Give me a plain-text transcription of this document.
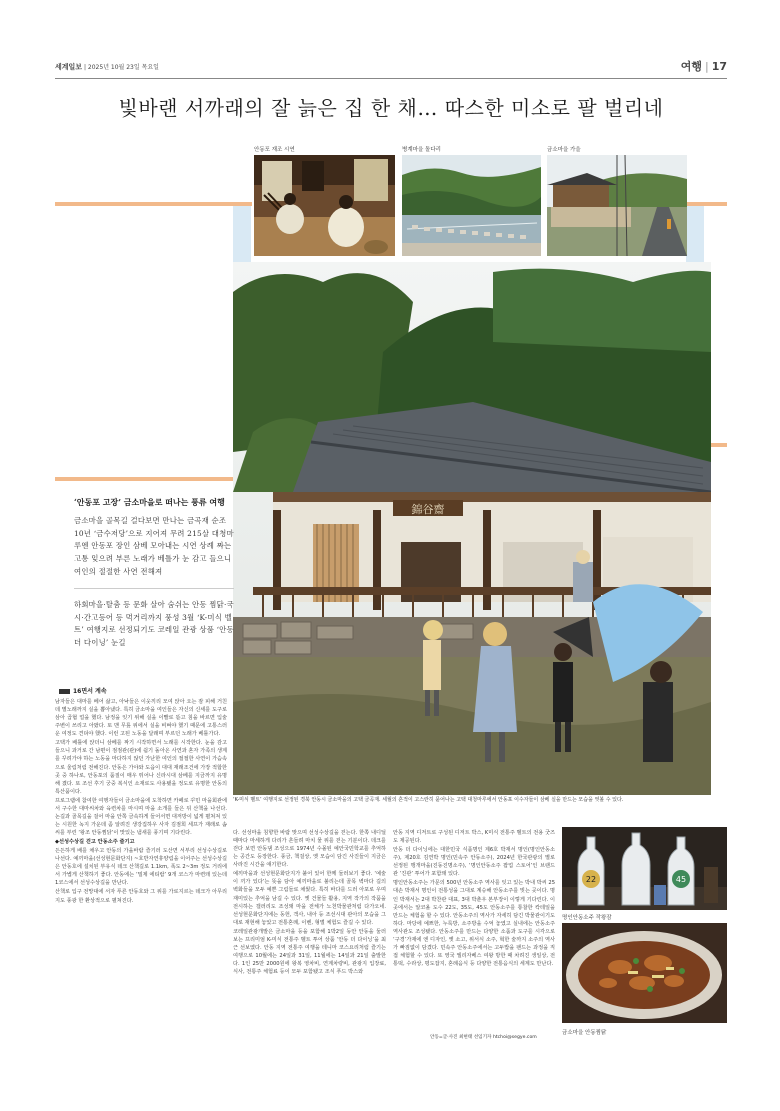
세계일보 | 2025년 10월 23일 목요일	여행 | 17
빛바랜 서까래의 잘 늙은 집 한 채… 따스한 미소로 팔 벌리네
안동포 재조 시연	병계마을 돌다리	금소마을 가을
錦谷齋
‘K-미식 벨트’ 여행지로 선정된 경북 안동시 금소마을의 고택 금곡재. 세월의 흔적이 고스란히 묻어나는 고택 대청마루에서 안동포 이수자들이 삼베 실을 만드는 모습을 엿볼 수 있다.
‘안동포 고장’ 금소마을로 떠나는 풍류 여행
금소마을 골목길 걸다보면 만나는 금곡재 순조 10년 ‘금수저당’으로 지어져 무려 215살 대청마루엔 안동포 장인 삼베 모아내는 시연 상례 짜는 고통 잊으려 부른 노래가 베틀가 눈 감고 들으니 여인의 절절한 사연 전해져
하회마을·탈춤 등 문화 살아 숨쉬는 안동 찜닭·국시·간고등어 등 먹거리까지 풍성 3월 ‘K-미식 벨트’ 여행지로 선정되기도 코레일 관광 상품 ‘안동 더 다이닝’ 눈길
16면서 계속

남자들은 대마를 베어 삶고, 아낙들은 이웃끼리 모여 앉아 오는 잠 피해 거친데 별노래까지 실을 뽑아냈다. 특히 금소마을 여인들은 자신의 신세를 도구로 삼아 곱협 얼을 했다. 남정을 잇기 위해 실을 이빨로 뜯고 침을 바르면 입술 주변이 쓰리고 아팠다. 또 맨 무릎 위에서 실을 비벼야 했기 때문에 고통스러운 여정도 견뎌야 했다. 이런 고된 노동을 달래며 부르던 노래가 베틀가다.

고택가 배틀에 앉더니 삼베를 짜기 시작하면서 노래를 시작한다. 눈을 감고 들으니 과거로 간 남편이 점점관(관)에 쉽기 돌아온 사연과 혼자 가족의 생계를 꾸려가야 하는 노동을 마다하지 않던 가난한 여인의 절절한 사연이 가슴속으로 울림처럼 전해진다. 안동은 가야와 도읍이 대대 재래조건에 가장 적합한 곳 중 하나로, 안동포의 품질이 매우 뛰어나 신라시대 삼베를 지금까지 유명해 졌다. 또 조선 후기 궁중 복식인 소재로도 사용됐을 정도로 유명한 안동의 특산품이다.

프로그램에 참여한 여행자들이 금소마을에 도착하면 카페로 꾸민 마을회관에서 구수한 대마씨차와 육련차를 마시며 마을 소개를 들은 뒤 산책을 나선다. 논길과 골목길을 걸어 마을 안쪽 금속하게 들어서면 대저방이 넓게 펼쳐져 있는 시원한 녹지 가운데 좀 알려진 생강집하우 사자 김점희 세프가 재래로 솜씨를 부린 ‘왕조 안동찜닭’이 맛있는 냄새를 풍기며 기다린다.

◆선성수상길 걷고 안동소주 즐기고

든든하게 배를 채우고 안동의 가을바람 즐기러 도산면 서부리 선성수상길로 나선다. 예끼마을(선성현문화단지) ~호반자연휴양림을 이어주는 선성수상길은 안동호에 설치된 부유식 데크 산책길로 1.1km, 폭도 2~3m 정도 거리에 서 가볍게 산책하기 좋다. 안동에는 ‘밀제 에티랍’ 9개 코스가 마련돼 있는데 1코스에서 선성수상길을 만난다.

산책로 입구 전망대에 서자 푸른 안동호와 그 위를 가로지르는 데크가 아무리지도 풍광 한 환상적으로 펼쳐진다.

다. 선성마을 침향한 바람 맞으며 선성수상길을 걷는다. 한쪽 내디딜 때마다 마세하게 다리가 흔들려 마치 물 위를 걷는 기분이다. 데크를 걷다 보면 안동댐 조성으로 1974년 수몰된 예안국민학교를 추억하는 공간도 등장한다. 풍금, 책걸상, 옛 모습이 담긴 사진들이 지금은 사라진 시간을 얘기한다.

예끼마을과 선성현문화단지가 붙어 있어 한께 둘러보기 좋다. ‘예술이 끼가 있다’는 뜻을 담아 예끼마을로 불리는데 골목 벽마다 길의 벽화들을 모두 예쁜 그림들로 채웠다. 특히 바다를 드러 아포로 우며 재미있는 추억을 남길 수 있다. 옛 건물들 활용, 지역 작가의 작품을 전시하는 갤러리도 조성돼 마을 전체가 노천박물관처럼 다가오네. 선성현문화단지에는 동헌, 객사, 내아 등 조선시대 관아의 모습을 그대로 재현해 놓았고 전통혼례, 이벤, 형벌 체험도 즐길 수 있다.

코레일관광개발은 금소마을 등을 포함해 1박2일 동안 안동을 둘러보는 프리미엄 K-미식 전통주 벨트 투어 상품 ‘안동 더 다이닝’을 최근 선보였다. 안동 지역 전통주 여행을 테니마 코스요리처럼 즐기는 여행으로 10월에는 24일과 31일, 11월에는 14일과 21일 출발한다. 1인 25만 2000원에 왕복 영차비, 연계차량비, 관광지 입장료, 식사, 전통주 체험료 등이 모두 포함됐고 조식 푸드 박스와

안동 지역 디저트로 구성된 디저트 박스, K미식 전통주 벨트의 전용 굿즈도 제공된다.

안동 더 다이닝에는 대한민국 식품명인 제6호 박재서 명인(명인안동소주), 제20호 김연박 명인(민속주 안동소주), 2024년 한국관광의 별로 선정된 맹개마을(진동진명소주), ‘명인안동소주 팝업 스토어’인 브랜드관 ‘진관’ 투어가 포함돼 있다.

명인안동소주는 가문의 500년 안동소주 역사를 잇고 있는 박내 박씨 25대손 박재서 명인이 전통성을 그대로 계승해 안동소주를 빚는 곳이다. 명인 박재서는 2대 박찬관 대표, 3대 박춘우 본부장이 이렇게 기다린다. 이곳에서는 알코올 도수 22도, 35도, 45도 안동소주를 통찰한 칵테일을 만드는 체험을 할 수 있다. 안동소주의 역사가 자세히 담긴 박물관이기도 하다. 마당에 예쁘한, 누룩방, 소주방을 수억 놓였고 실내에는 안동소주역사관도 조성됐다. 안동소주를 만드는 다양한 소품과 도구를 시각으로 ‘구경’가재에 엔 디자인, 옛 소고, 위서식 소주, 혁한 술까지 소주의 역사가 빠짐없이 담겼다. 민속주 안동소주에서는 고두밥을 팬드는 과정을 직접 체험할 수 있다. 또 영국 엘리자베스 여왕 방한 때 차려진 생일상, 전통떡, 수라상, 평도잡지, 혼례음식 등 다양한 전통음식의 세계도 만난다.

안동=글·사진 최현태 선임기자 htchoi@segye.com
22	45
명인안동소주 작왕잠
금소마을 안동찜닭
